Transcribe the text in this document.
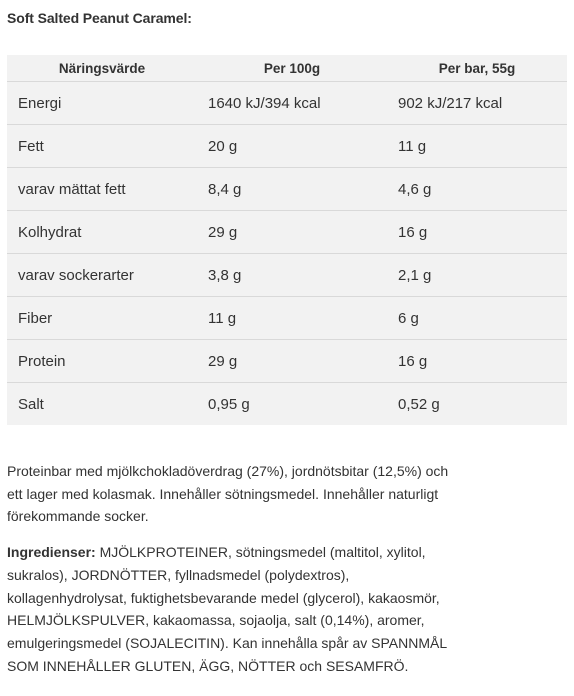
Soft Salted Peanut Caramel:
Näringsvärde	Per 100g	Per bar, 55g
Energi	1640 kJ/394 kcal	902 kJ/217 kcal
Fett	20 g	11 g
varav mättat fett	8,4 g	4,6 g
Kolhydrat	29 g	16 g
varav sockerarter	3,8 g	2,1 g
Fiber	11 g	6 g
Protein	29 g	16 g
Salt	0,95 g	0,52 g

Proteinbar med mjölkchokladöverdrag (27%), jordnötsbitar (12,5%) och ett lager med kolasmak. Innehåller sötningsmedel. Innehåller naturligt förekommande socker.

Ingredienser: MJÖLKPROTEINER, sötningsmedel (maltitol, xylitol, sukralos), JORDNÖTTER, fyllnadsmedel (polydextros), kollagenhydrolysat, fuktighetsbevarande medel (glycerol), kakaosmör, HELMJÖLKSPULVER, kakaomassa, sojaolja, salt (0,14%), aromer, emulgeringsmedel (SOJALECITIN). Kan innehålla spår av SPANNMÅL SOM INNEHÅLLER GLUTEN, ÄGG, NÖTTER och SESAMFRÖ.
